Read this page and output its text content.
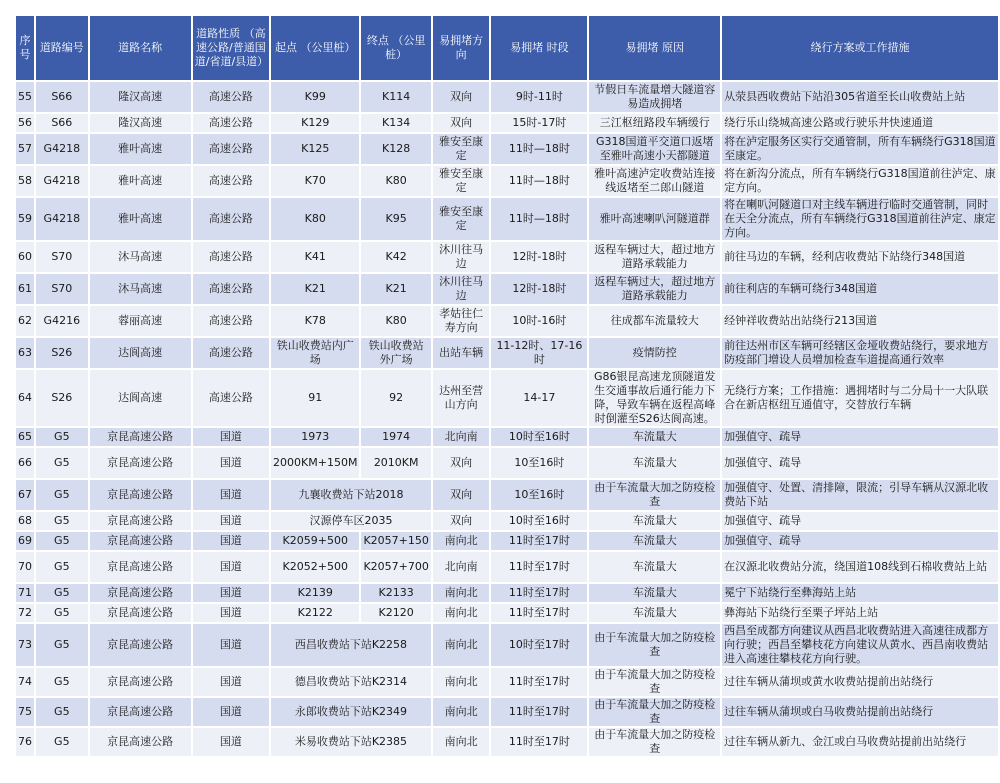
序号	道路编号	道路名称	道路性质 （高速公路/普通国道/省道/县道）	起点 （公里桩）	终点 （公里桩）	易拥堵方向	易拥堵 时段	易拥堵 原因	绕行方案或工作措施
55	S66	隆汉高速	高速公路	K99	K114	双向	9时-11时	节假日车流量增大隧道容易造成拥堵	从荥县西收费站下站沿305省道至长山收费站上站
56	S66	隆汉高速	高速公路	K129	K134	双向	15时-17时	三江枢纽路段车辆缓行	绕行乐山绕城高速公路或行驶乐井快速通道
57	G4218	雅叶高速	高速公路	K125	K128	雅安至康定	11时—18时	G318国道平交道口返堵至雅叶高速小天都隧道	将在泸定服务区实行交通管制，所有车辆绕行G318国道至康定。
58	G4218	雅叶高速	高速公路	K70	K80	雅安至康定	11时—18时	雅叶高速泸定收费站连接线返堵至二郎山隧道	将在新沟分流点，所有车辆绕行G318国道前往泸定、康定方向。
59	G4218	雅叶高速	高速公路	K80	K95	雅安至康定	11时—18时	雅叶高速喇叭河隧道群	将在喇叭河隧道口对主线车辆进行临时交通管制，同时在天全分流点，所有车辆绕行G318国道前往泸定、康定方向。
60	S70	沐马高速	高速公路	K41	K42	沐川往马边	12时-18时	返程车辆过大，超过地方道路承载能力	前往马边的车辆，经利店收费站下站绕行348国道
61	S70	沐马高速	高速公路	K21	K21	沐川往马边	12时-18时	返程车辆过大，超过地方道路承载能力	前往利店的车辆可绕行348国道
62	G4216	蓉丽高速	高速公路	K78	K80	孝姑往仁寿方向	10时-16时	往成都车流量较大	经钟祥收费站出站绕行213国道
63	S26	达阆高速	高速公路	铁山收费站内广场	铁山收费站外广场	出站车辆	11-12时、17-16时	疫情防控	前往达州市区车辆可经辖区金垭收费站绕行，要求地方防疫部门增设人员增加检查车道提高通行效率
64	S26	达阆高速	高速公路	91	92	达州至营山方向	14-17	G86银昆高速龙顶隧道发生交通事故后通行能力下降，导致车辆在返程高峰时倒灌至S26达阆高速。	无绕行方案；工作措施：遇拥堵时与二分局十一大队联合在新店枢纽互通值守，交替放行车辆
65	G5	京昆高速公路	国道	1973	1974	北向南	10时至16时	车流量大	加强值守、疏导
66	G5	京昆高速公路	国道	2000KM+150M	2010KM	双向	10至16时	车流量大	加强值守、疏导
67	G5	京昆高速公路	国道	九襄收费站下站2018		双向	10至16时	由于车流量大加之防疫检查	加强值守、处置、清排障，限流；引导车辆从汉源北收费站下站
68	G5	京昆高速公路	国道	汉源停车区2035		双向	10时至16时	车流量大	加强值守、疏导
69	G5	京昆高速公路	国道	K2059+500	K2057+150	南向北	11时至17时	车流量大	加强值守、疏导
70	G5	京昆高速公路	国道	K2052+500	K2057+700	北向南	11时至17时	车流量大	在汉源北收费站分流，绕国道108线到石棉收费站上站
71	G5	京昆高速公路	国道	K2139	K2133	南向北	11时至17时	车流量大	冕宁下站绕行至彝海站上站
72	G5	京昆高速公路	国道	K2122	K2120	南向北	11时至17时	车流量大	彝海站下站绕行至栗子坪站上站
73	G5	京昆高速公路	国道	西昌收费站下站K2258		南向北	10时至17时	由于车流量大加之防疫检查	西昌至成都方向建议从西昌北收费站进入高速往成都方向行驶；西昌至攀枝花方向建议从黄水、西昌南收费站进入高速往攀枝花方向行驶。
74	G5	京昆高速公路	国道	德昌收费站下站K2314		南向北	11时至17时	由于车流量大加之防疫检查	过往车辆从蒲坝或黄水收费站提前出站绕行
75	G5	京昆高速公路	国道	永郎收费站下站K2349		南向北	11时至17时	由于车流量大加之防疫检查	过往车辆从蒲坝或白马收费站提前出站绕行
76	G5	京昆高速公路	国道	米易收费站下站K2385		南向北	11时至17时	由于车流量大加之防疫检查	过往车辆从新九、金江或白马收费站提前出站绕行
